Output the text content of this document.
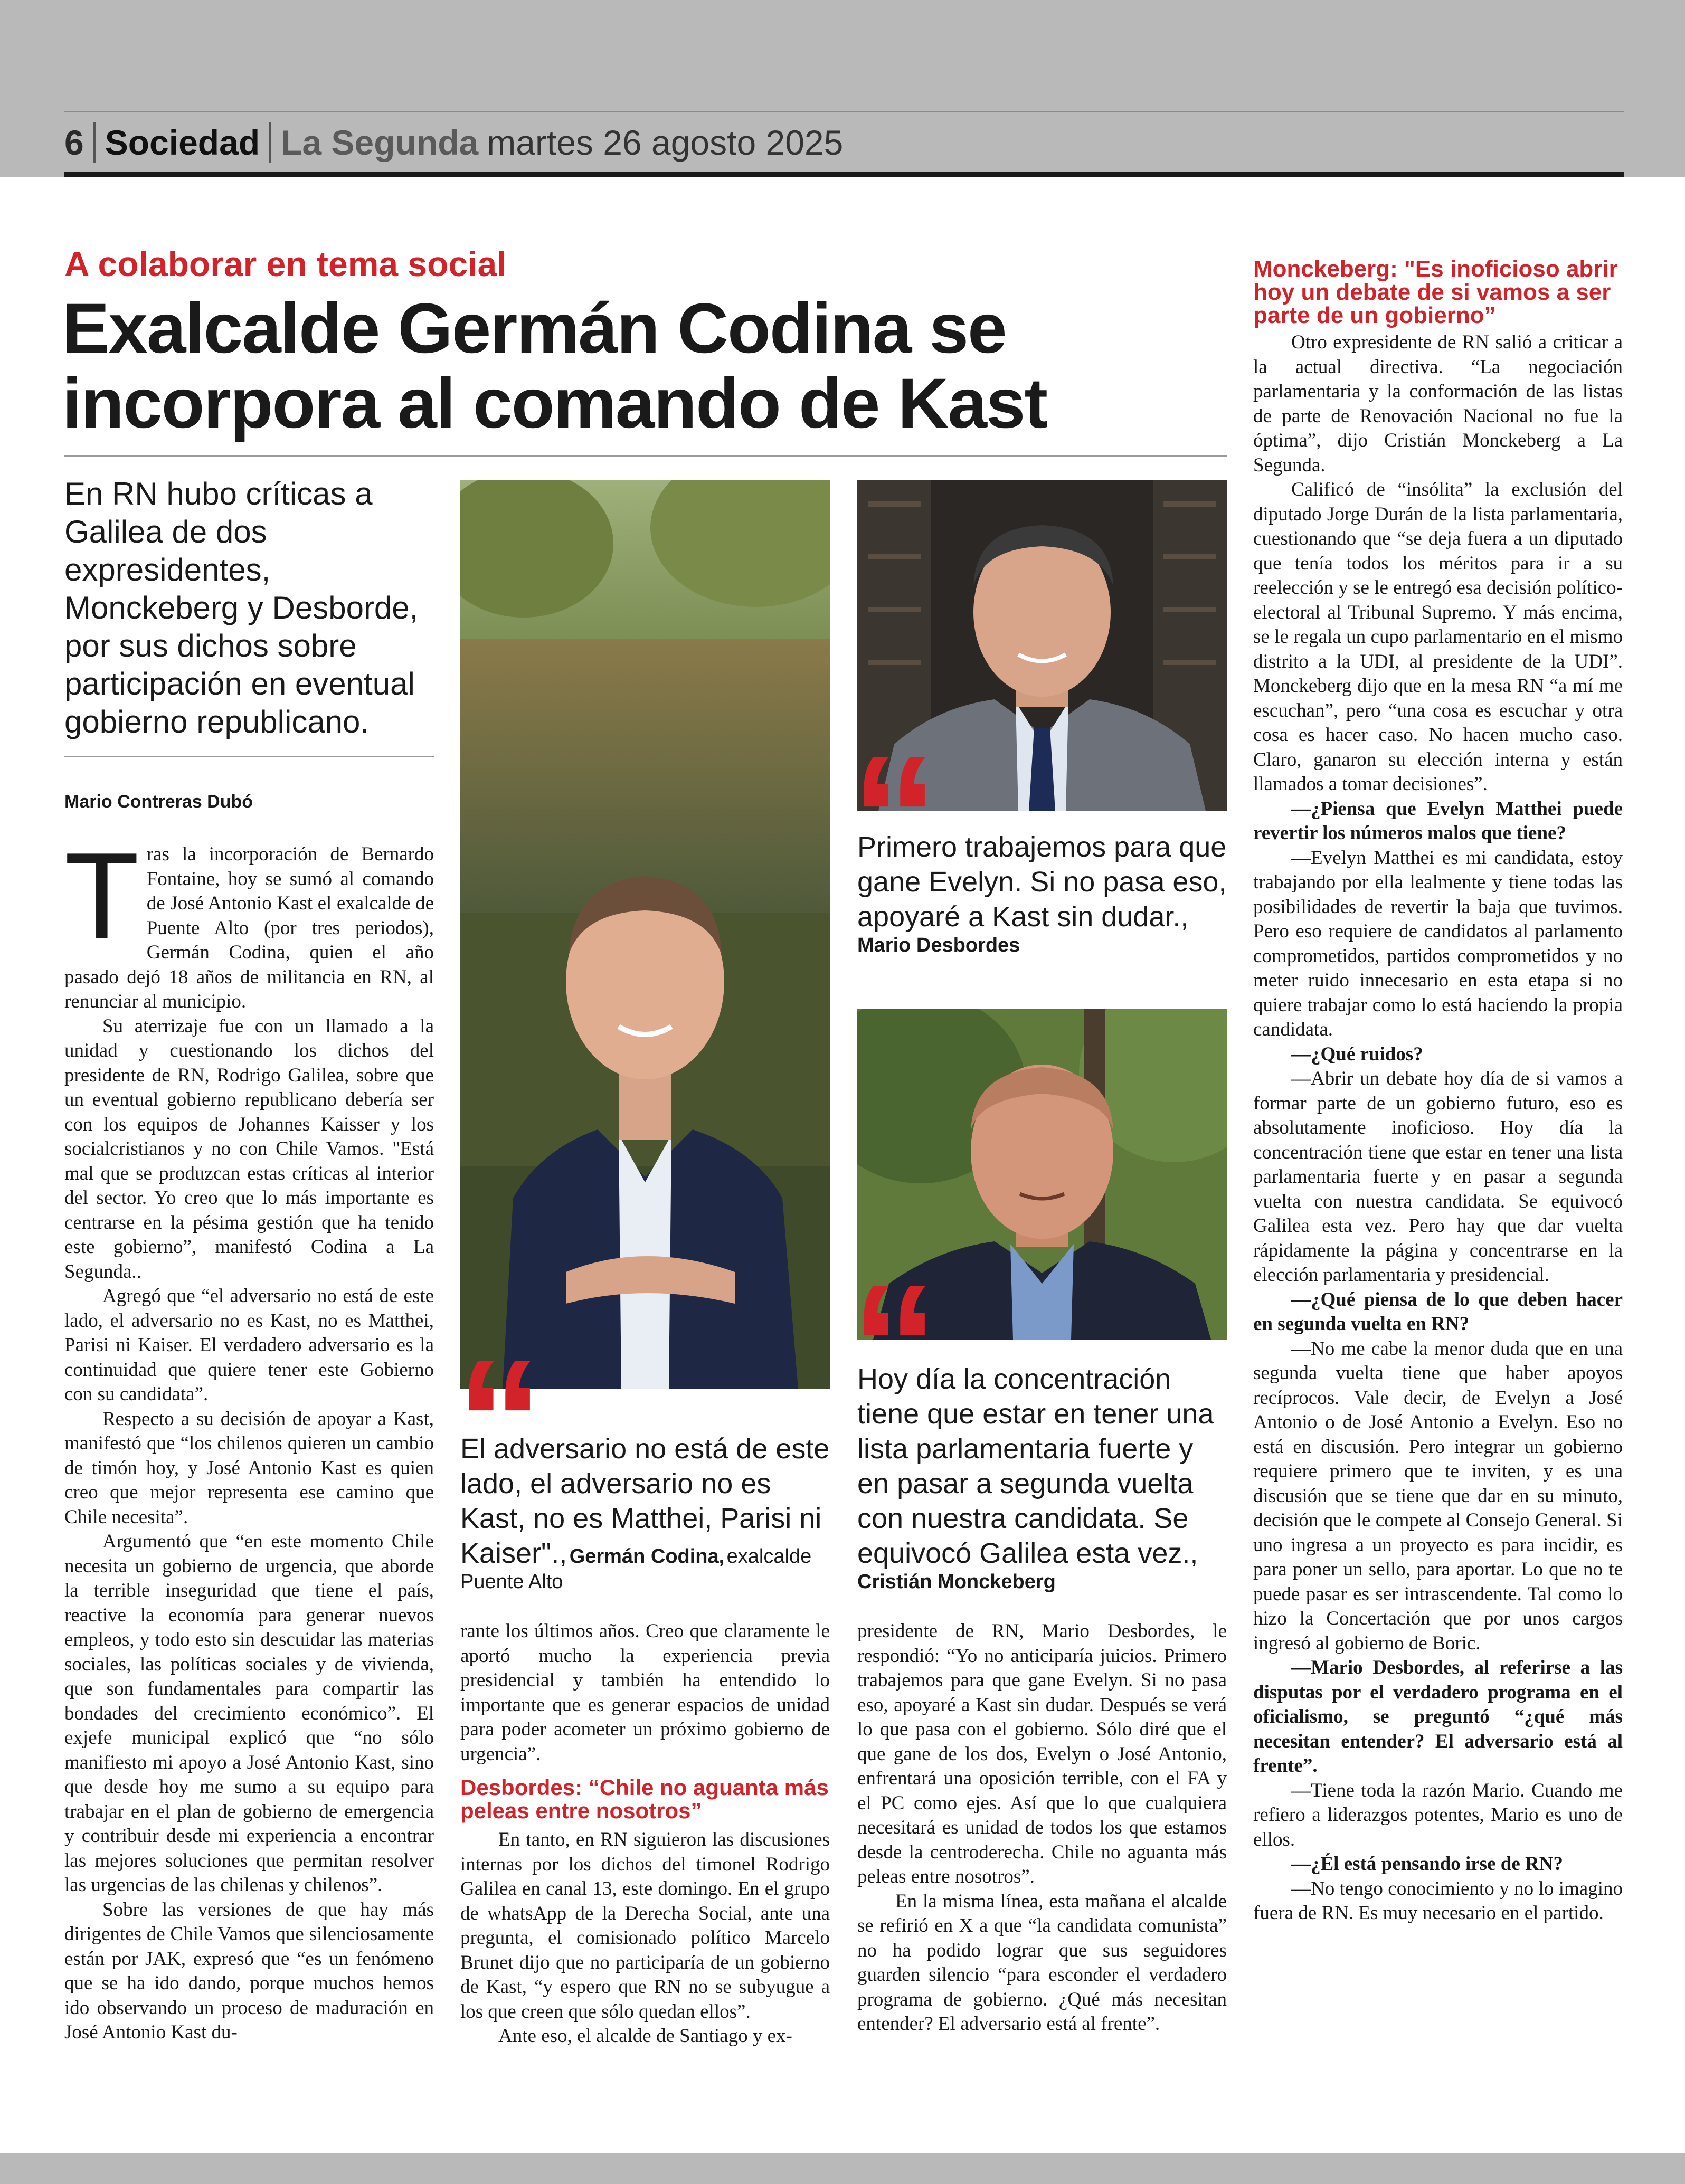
6 Sociedad La Segunda martes 26 agosto 2025
A colaborar en tema social
Exalcalde Germán Codina se
incorpora al comando de Kast

En RN hubo críticas a Galilea de dos expresidentes, Monckeberg y Desborde, por sus dichos sobre participación en eventual gobierno republicano.

Mario Contreras Dubó

Tras la incorporación de Bernardo Fontaine, hoy se sumó al comando de José Antonio Kast el exalcalde de Puente Alto (por tres periodos), Germán Codina, quien el año pasado dejó 18 años de militancia en RN, al renunciar al municipio.

Su aterrizaje fue con un llamado a la unidad y cuestionando los dichos del presidente de RN, Rodrigo Galilea, sobre que un eventual gobierno republicano debería ser con los equipos de Johannes Kaisser y los socialcristianos y no con Chile Vamos. "Está mal que se produzcan estas críticas al interior del sector. Yo creo que lo más importante es centrarse en la pésima gestión que ha tenido este gobierno”, manifestó Codina a La Segunda..

Agregó que “el adversario no está de este lado, el adversario no es Kast, no es Matthei, Parisi ni Kaiser. El verdadero adversario es la continuidad que quiere tener este Gobierno con su candidata”.

Respecto a su decisión de apoyar a Kast, manifestó que “los chilenos quieren un cambio de timón hoy, y José Antonio Kast es quien creo que mejor representa ese camino que Chile necesita”.

Argumentó que “en este momento Chile necesita un gobierno de urgencia, que aborde la terrible inseguridad que tiene el país, reactive la economía para generar nuevos empleos, y todo esto sin descuidar las materias sociales, las políticas sociales y de vivienda, que son fundamentales para compartir las bondades del crecimiento económico”. El exjefe municipal explicó que “no sólo manifiesto mi apoyo a José Antonio Kast, sino que desde hoy me sumo a su equipo para trabajar en el plan de gobierno de emergencia y contribuir desde mi experiencia a encontrar las mejores soluciones que permitan resolver las urgencias de las chilenas y chilenos”.

Sobre las versiones de que hay más dirigentes de Chile Vamos que silenciosamente están por JAK, expresó que “es un fenómeno que se ha ido dando, porque muchos hemos ido observando un proceso de maduración en José Antonio Kast du-

“
“
“
El adversario no está de este lado, el adversario no es Kast, no es Matthei, Parisi ni Kaiser"., Germán Codina, exalcalde Puente Alto
Primero trabajemos para que gane Evelyn. Si no pasa eso, apoyaré a Kast sin dudar., Mario Desbordes
Hoy día la concentración tiene que estar en tener una lista parlamentaria fuerte y en pasar a segunda vuelta con nuestra candidata. Se equivocó Galilea esta vez.,
Cristián Monckeberg

rante los últimos años. Creo que claramente le aportó mucho la experiencia previa presidencial y también ha entendido lo importante que es generar espacios de unidad para poder acometer un próximo gobierno de urgencia”.

Desbordes: “Chile no aguanta más peleas entre nosotros”

En tanto, en RN siguieron las discusiones internas por los dichos del timonel Rodrigo Galilea en canal 13, este domingo. En el grupo de whatsApp de la Derecha Social, ante una pregunta, el comisionado político Marcelo Brunet dijo que no participaría de un gobierno de Kast, “y espero que RN no se subyugue a los que creen que sólo quedan ellos”.

Ante eso, el alcalde de Santiago y ex-

presidente de RN, Mario Desbordes, le respondió: “Yo no anticiparía juicios. Primero trabajemos para que gane Evelyn. Si no pasa eso, apoyaré a Kast sin dudar. Después se verá lo que pasa con el gobierno. Sólo diré que el que gane de los dos, Evelyn o José Antonio, enfrentará una oposición terrible, con el FA y el PC como ejes. Así que lo que cualquiera necesitará es unidad de todos los que estamos desde la centroderecha. Chile no aguanta más peleas entre nosotros”.

En la misma línea, esta mañana el alcalde se refirió en X a que “la candidata comunista” no ha podido lograr que sus seguidores guarden silencio “para esconder el verdadero programa de gobierno. ¿Qué más necesitan entender? El adversario está al frente”.

Monckeberg: "Es inoficioso abrir hoy un debate de si vamos a ser parte de un gobierno”

Otro expresidente de RN salió a criticar a la actual directiva. “La negociación parlamentaria y la conformación de las listas de parte de Renovación Nacional no fue la óptima”, dijo Cristián Monckeberg a La Segunda.

Calificó de “insólita” la exclusión del diputado Jorge Durán de la lista parlamentaria, cuestionando que “se deja fuera a un diputado que tenía todos los méritos para ir a su reelección y se le entregó esa decisión político-electoral al Tribunal Supremo. Y más encima, se le regala un cupo parlamentario en el mismo distrito a la UDI, al presidente de la UDI”. Monckeberg dijo que en la mesa RN “a mí me escuchan”, pero “una cosa es escuchar y otra cosa es hacer caso. No hacen mucho caso. Claro, ganaron su elección interna y están llamados a tomar decisiones”.

—¿Piensa que Evelyn Matthei puede revertir los números malos que tiene?

—Evelyn Matthei es mi candidata, estoy trabajando por ella lealmente y tiene todas las posibilidades de revertir la baja que tuvimos. Pero eso requiere de candidatos al parlamento comprometidos, partidos comprometidos y no meter ruido innecesario en esta etapa si no quiere trabajar como lo está haciendo la propia candidata.

—¿Qué ruidos?

—Abrir un debate hoy día de si vamos a formar parte de un gobierno futuro, eso es absolutamente inoficioso. Hoy día la concentración tiene que estar en tener una lista parlamentaria fuerte y en pasar a segunda vuelta con nuestra candidata. Se equivocó Galilea esta vez. Pero hay que dar vuelta rápidamente la página y concentrarse en la elección parlamentaria y presidencial.

—¿Qué piensa de lo que deben hacer en segunda vuelta en RN?

—No me cabe la menor duda que en una segunda vuelta tiene que haber apoyos recíprocos. Vale decir, de Evelyn a José Antonio o de José Antonio a Evelyn. Eso no está en discusión. Pero integrar un gobierno requiere primero que te inviten, y es una discusión que se tiene que dar en su minuto, decisión que le compete al Consejo General. Si uno ingresa a un proyecto es para incidir, es para poner un sello, para aportar. Lo que no te puede pasar es ser intrascendente. Tal como lo hizo la Concertación que por unos cargos ingresó al gobierno de Boric.

—Mario Desbordes, al referirse a las disputas por el verdadero programa en el oficialismo, se preguntó “¿qué más necesitan entender? El adversario está al frente”.

—Tiene toda la razón Mario. Cuando me refiero a liderazgos potentes, Mario es uno de ellos.

—¿Él está pensando irse de RN?

—No tengo conocimiento y no lo imagino fuera de RN. Es muy necesario en el partido.
